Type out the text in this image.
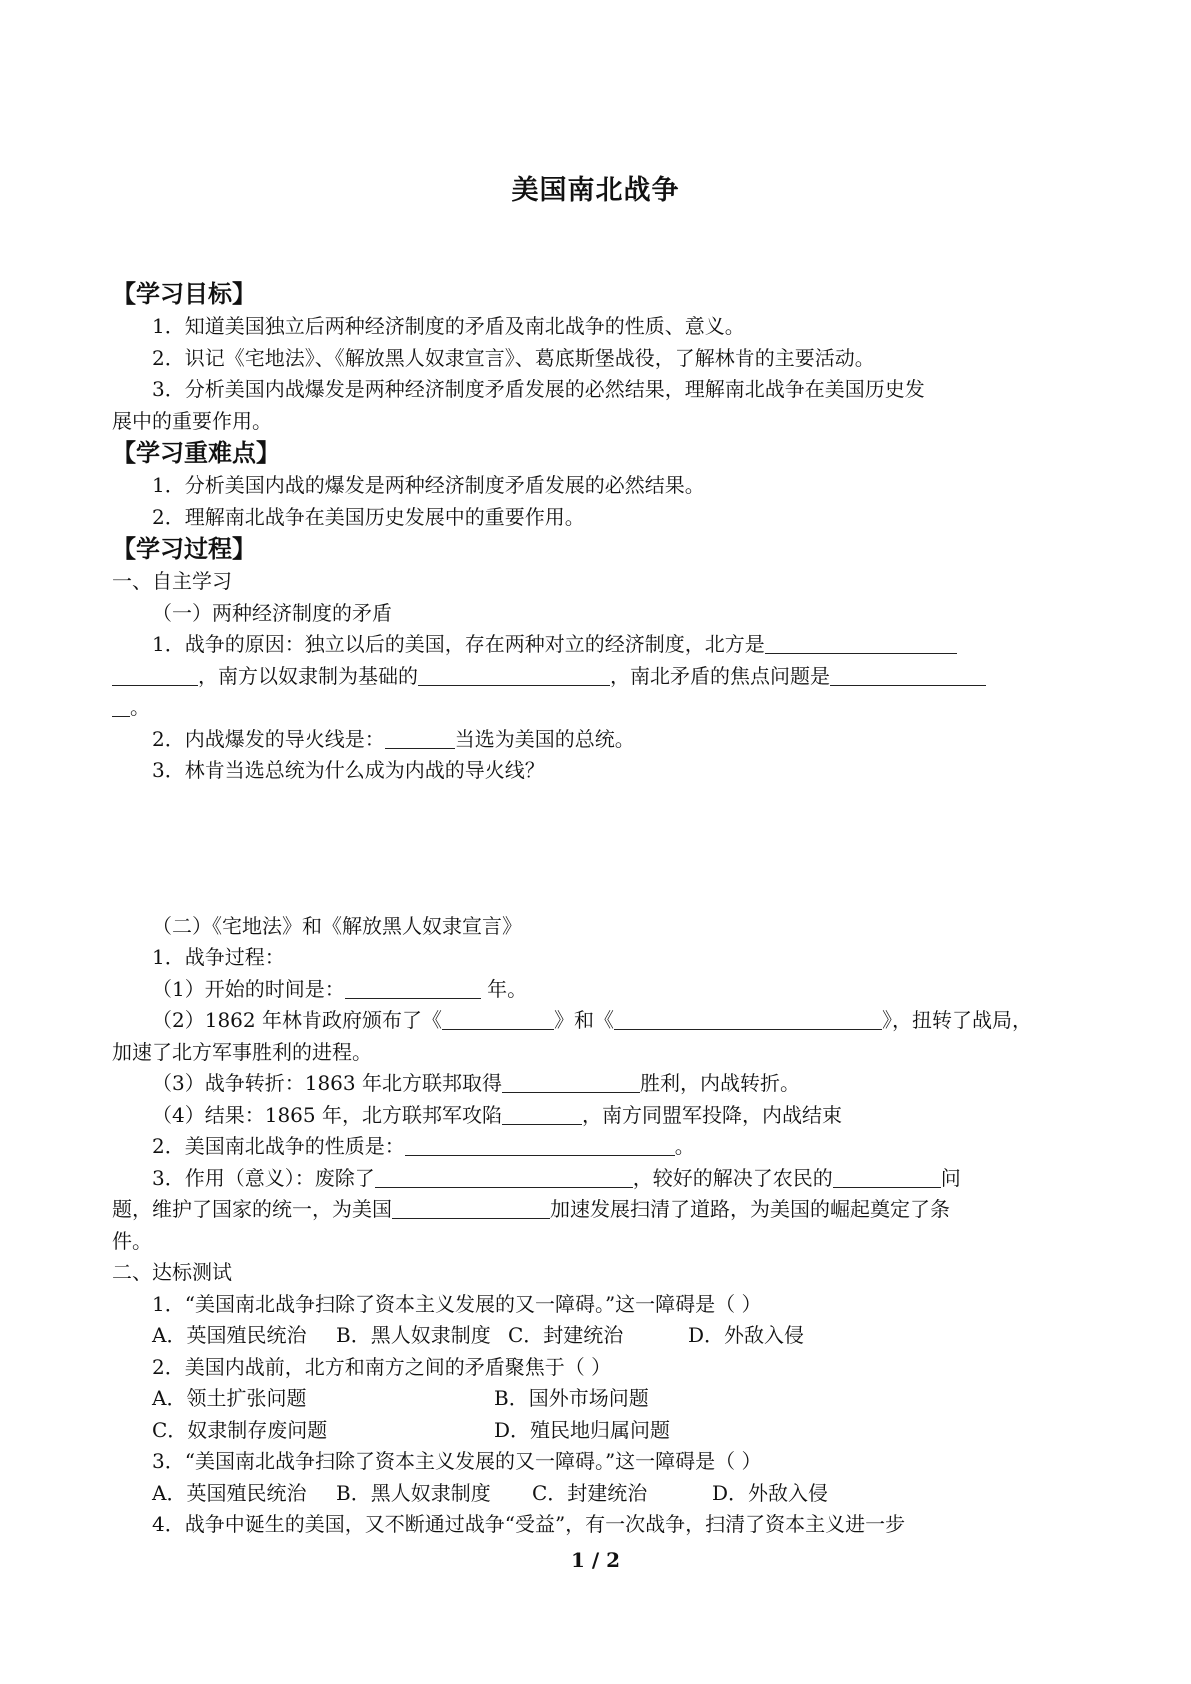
美国南北战争
【学习目标】
1．知道美国独立后两种经济制度的矛盾及南北战争的性质、意义。
2．识记《宅地法》、《解放黑人奴隶宣言》、葛底斯堡战役，了解林肯的主要活动。
3．分析美国内战爆发是两种经济制度矛盾发展的必然结果，理解南北战争在美国历史发
展中的重要作用。
【学习重难点】
1．分析美国内战的爆发是两种经济制度矛盾发展的必然结果。
2．理解南北战争在美国历史发展中的重要作用。
【学习过程】
一、自主学习
（一）两种经济制度的矛盾
1．战争的原因：独立以后的美国，存在两种对立的经济制度，北方是
，南方以奴隶制为基础的	，南北矛盾的焦点问题是
。
2．内战爆发的导火线是：	当选为美国的总统。
3．林肯当选总统为什么成为内战的导火线？
（二）《宅地法》和《解放黑人奴隶宣言》
1．战争过程：
（1）开始的时间是：	年。
（2）1862 年林肯政府颁布了《	》和《	》，扭转了战局，
加速了北方军事胜利的进程。
（3）战争转折：1863 年北方联邦取得	胜利，内战转折。
（4）结果：1865 年，北方联邦军攻陷	，南方同盟军投降，内战结束
2．美国南北战争的性质是：	。
3．作用（意义）：废除了	，较好的解决了农民的	问
题，维护了国家的统一，为美国	加速发展扫清了道路，为美国的崛起奠定了条
件。
二、达标测试
1．“美国南北战争扫除了资本主义发展的又一障碍。”这一障碍是（ ）
A．英国殖民统治 B．黑人奴隶制度 C．封建统治	D．外敌入侵
2．美国内战前，北方和南方之间的矛盾聚焦于（ ）
A．领土扩张问题	B．国外市场问题
C．奴隶制存废问题	D．殖民地归属问题
3．“美国南北战争扫除了资本主义发展的又一障碍。”这一障碍是（ ）
A．英国殖民统治 B．黑人奴隶制度 C．封建统治	D．外敌入侵
4．战争中诞生的美国，又不断通过战争“受益”，有一次战争，扫清了资本主义进一步
1 / 2
